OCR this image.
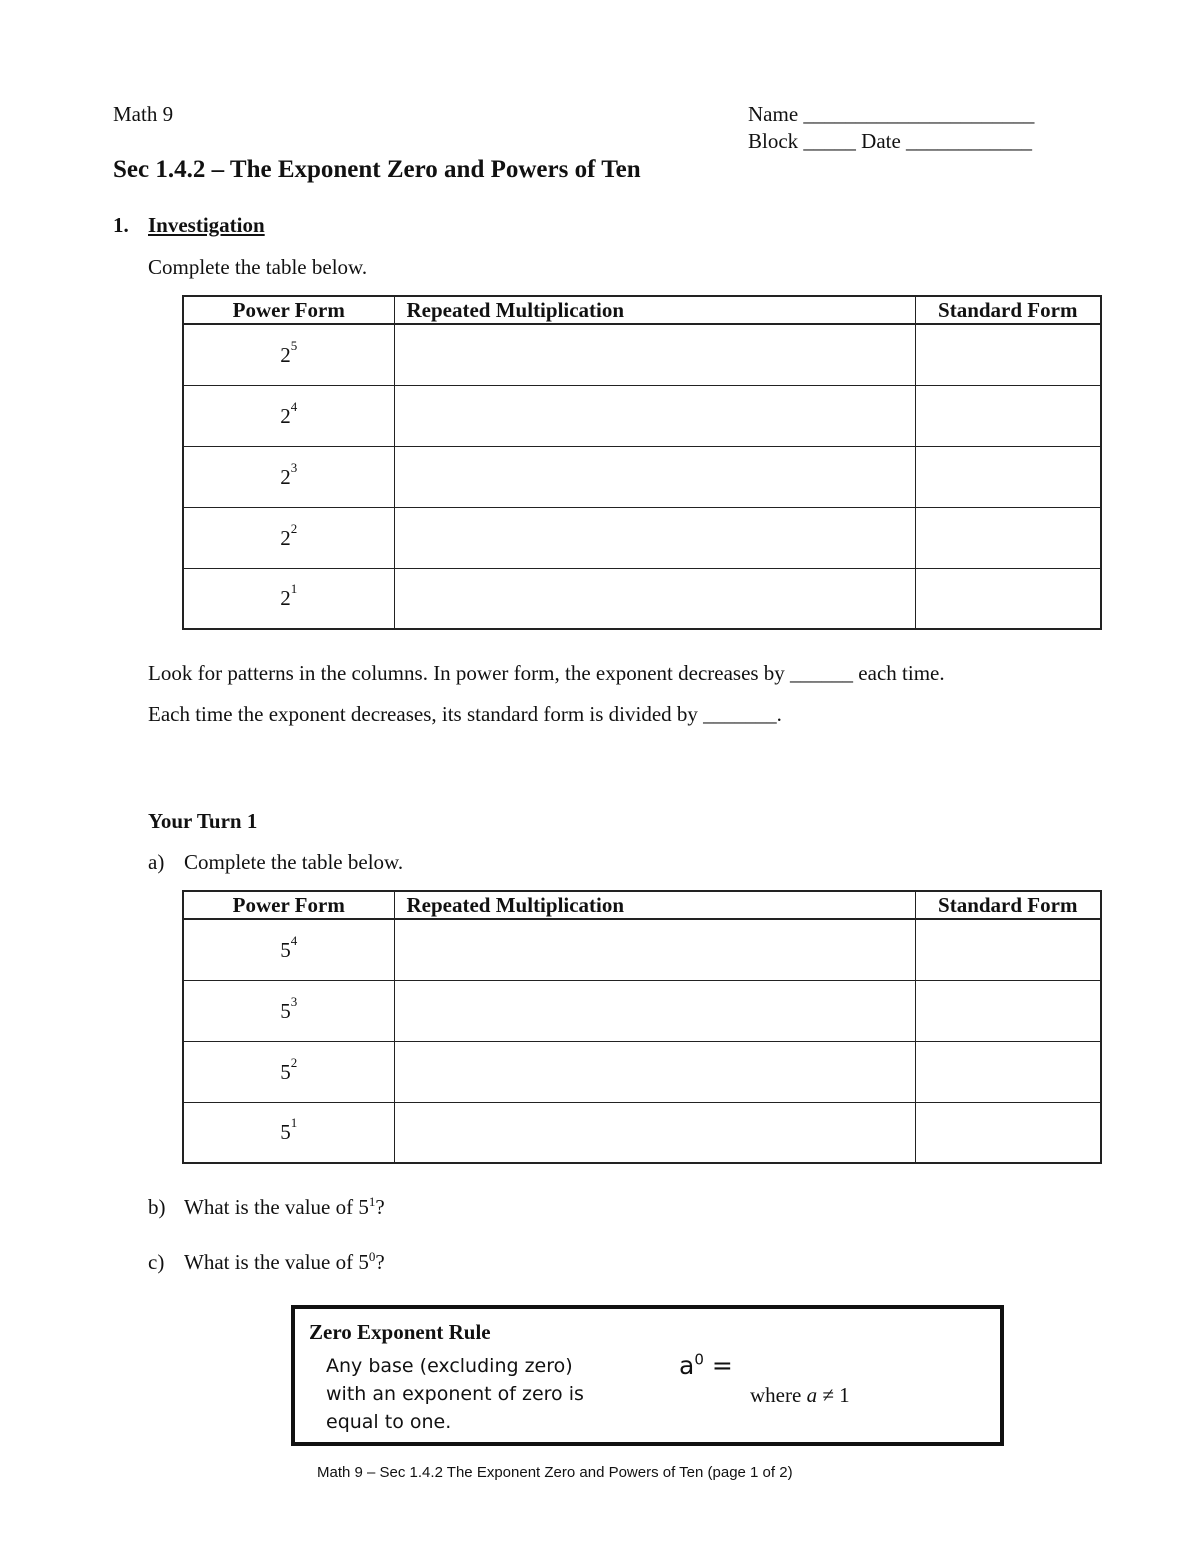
Math 9	Name ______________________
Block _____ Date ____________
Sec 1.4.2 – The Exponent Zero and Powers of Ten
1. Investigation
Complete the table below.
Power Form	Repeated Multiplication	Standard Form
$2^5$		
$2^4$		
$2^3$		
$2^2$		
$2^1$		
Look for patterns in the columns. In power form, the exponent decreases by ______ each time.
Each time the exponent decreases, its standard form is divided by _______.
Your Turn 1
a) Complete the table below.
Power Form	Repeated Multiplication	Standard Form
$5^4$		
$5^3$		
$5^2$		
$5^1$		
b) What is the value of $5^1$?
c) What is the value of $5^0$?
Zero Exponent Rule
Any base (excluding zero)
with an exponent of zero is
equal to one.
$a^0$ =
where a ≠ 1
Math 9 – Sec 1.4.2 The Exponent Zero and Powers of Ten (page 1 of 2)
